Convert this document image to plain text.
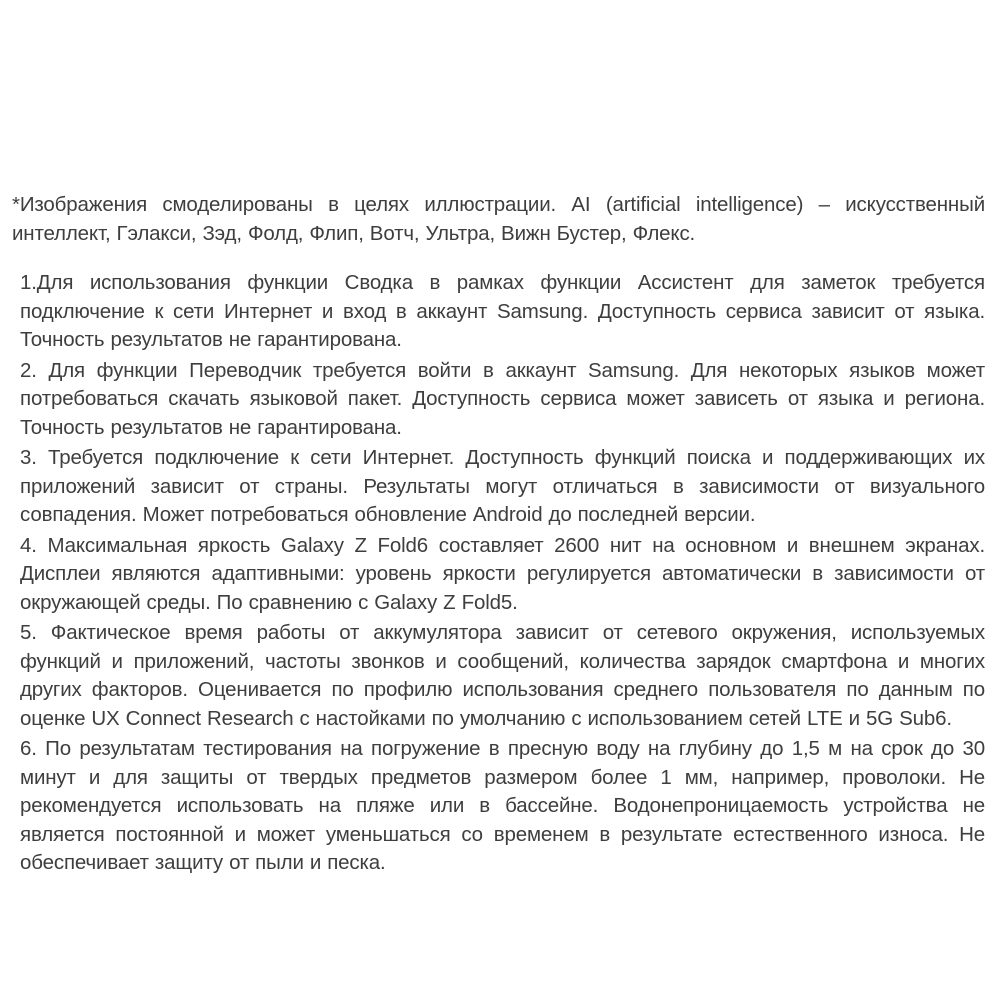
*Изображения смоделированы в целях иллюстрации. AI (artificial intelligence) – искусственный интеллект, Гэлакси, Зэд, Фолд, Флип, Вотч, Ультра, Вижн Бустер, Флекс.

1.Для использования функции Сводка в рамках функции Ассистент для заметок требуется подключение к сети Интернет и вход в аккаунт Samsung. Доступность сервиса зависит от языка. Точность результатов не гарантирована.

2. Для функции Переводчик требуется войти в аккаунт Samsung. Для некоторых языков может потребоваться скачать языковой пакет. Доступность сервиса может зависеть от языка и региона. Точность результатов не гарантирована.

3. Требуется подключение к сети Интернет. Доступность функций поиска и поддерживающих их приложений зависит от страны. Результаты могут отличаться в зависимости от визуального совпадения. Может потребоваться обновление Android до последней версии.

4. Максимальная яркость Galaxy Z Fold6 составляет 2600 нит на основном и внешнем экранах. Дисплеи являются адаптивными: уровень яркости регулируется автоматически в зависимости от окружающей среды. По сравнению с Galaxy Z Fold5.

5. Фактическое время работы от аккумулятора зависит от сетевого окружения, используемых функций и приложений, частоты звонков и сообщений, количества зарядок смартфона и многих других факторов. Оценивается по профилю использования среднего пользователя по данным по оценке UX Connect Research с настойками по умолчанию с использованием сетей LTE и 5G Sub6.

6. По результатам тестирования на погружение в пресную воду на глубину до 1,5 м на срок до 30 минут и для защиты от твердых предметов размером более 1 мм, например, проволоки. Не рекомендуется использовать на пляже или в бассейне. Водонепроницаемость устройства не является постоянной и может уменьшаться со временем в результате естественного износа. Не обеспечивает защиту от пыли и песка.
